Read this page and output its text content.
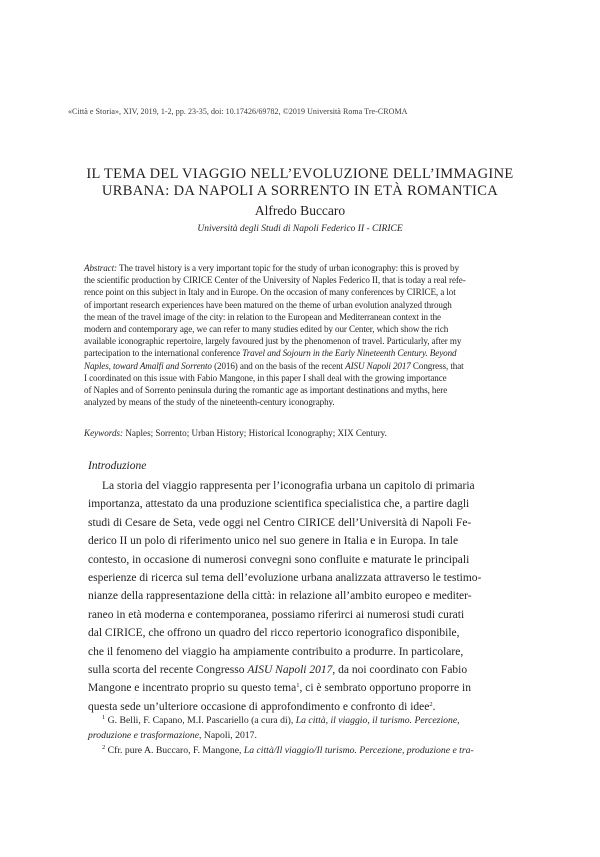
«Città e Storia», XIV, 2019, 1-2, pp. 23-35, doi: 10.17426/69782, ©2019 Università Roma Tre-CROMA
IL TEMA DEL VIAGGIO NELL’EVOLUZIONE DELL’IMMAGINE
URBANA: DA NAPOLI A SORRENTO IN ETÀ ROMANTICA
Alfredo Buccaro
Università degli Studi di Napoli Federico II - CIRICE
Abstract: The travel history is a very important topic for the study of urban iconography: this is proved by
the scientific production by CIRICE Center of the University of Naples Federico II, that is today a real refe-
rence point on this subject in Italy and in Europe. On the occasion of many conferences by CIRICE, a lot
of important research experiences have been matured on the theme of urban evolution analyzed through
the mean of the travel image of the city: in relation to the European and Mediterranean context in the
modern and contemporary age, we can refer to many studies edited by our Center, which show the rich
available iconographic repertoire, largely favoured just by the phenomenon of travel. Particularly, after my
partecipation to the international conference Travel and Sojourn in the Early Nineteenth Century. Beyond
Naples, toward Amalfi and Sorrento (2016) and on the basis of the recent AISU Napoli 2017 Congress, that
I coordinated on this issue with Fabio Mangone, in this paper I shall deal with the growing importance
of Naples and of Sorrento peninsula during the romantic age as important destinations and myths, here
analyzed by means of the study of the nineteenth-century iconography.
Keywords: Naples; Sorrento; Urban History; Historical Iconography; XIX Century.
Introduzione
La storia del viaggio rappresenta per l’iconografia urbana un capitolo di primaria
importanza, attestato da una produzione scientifica specialistica che, a partire dagli
studi di Cesare de Seta, vede oggi nel Centro CIRICE dell’Università di Napoli Fe-
derico II un polo di riferimento unico nel suo genere in Italia e in Europa. In tale
contesto, in occasione di numerosi convegni sono confluite e maturate le principali
esperienze di ricerca sul tema dell’evoluzione urbana analizzata attraverso le testimo-
nianze della rappresentazione della città: in relazione all’ambito europeo e mediter-
raneo in età moderna e contemporanea, possiamo riferirci ai numerosi studi curati
dal CIRICE, che offrono un quadro del ricco repertorio iconografico disponibile,
che il fenomeno del viaggio ha ampiamente contribuito a produrre. In particolare,
sulla scorta del recente Congresso AISU Napoli 2017, da noi coordinato con Fabio
Mangone e incentrato proprio su questo tema$^1$, ci è sembrato opportuno proporre in
questa sede un’ulteriore occasione di approfondimento e confronto di idee$^2$.
$^1$ G. Belli, F. Capano, M.I. Pascariello (a cura di), La città, il viaggio, il turismo. Percezione,
produzione e trasformazione, Napoli, 2017.
$^2$ Cfr. pure A. Buccaro, F. Mangone, La città/Il viaggio/Il turismo. Percezione, produzione e tra-
